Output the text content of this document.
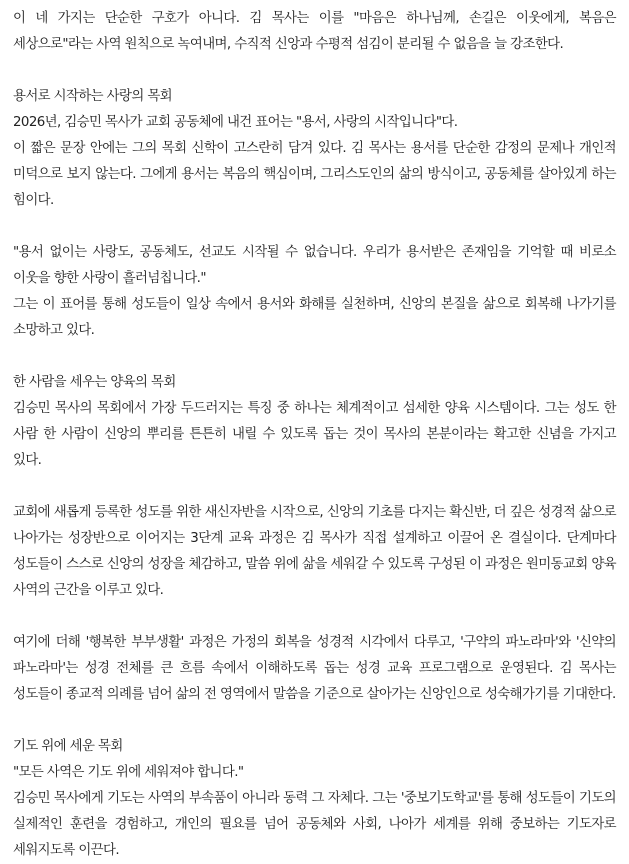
이 네 가지는 단순한 구호가 아니다. 김 목사는 이를 "마음은 하나님께, 손길은 이웃에게, 복음은 세상으로"라는 사역 원칙으로 녹여내며, 수직적 신앙과 수평적 섬김이 분리될 수 없음을 늘 강조한다.

용서로 시작하는 사랑의 목회

2026년, 김승민 목사가 교회 공동체에 내건 표어는 "용서, 사랑의 시작입니다"다.

이 짧은 문장 안에는 그의 목회 신학이 고스란히 담겨 있다. 김 목사는 용서를 단순한 감정의 문제나 개인적 미덕으로 보지 않는다. 그에게 용서는 복음의 핵심이며, 그리스도인의 삶의 방식이고, 공동체를 살아있게 하는 힘이다.

"용서 없이는 사랑도, 공동체도, 선교도 시작될 수 없습니다. 우리가 용서받은 존재임을 기억할 때 비로소 이웃을 향한 사랑이 흘러넘칩니다."

그는 이 표어를 통해 성도들이 일상 속에서 용서와 화해를 실천하며, 신앙의 본질을 삶으로 회복해 나가기를 소망하고 있다.

한 사람을 세우는 양육의 목회

김승민 목사의 목회에서 가장 두드러지는 특징 중 하나는 체계적이고 섬세한 양육 시스템이다. 그는 성도 한 사람 한 사람이 신앙의 뿌리를 튼튼히 내릴 수 있도록 돕는 것이 목사의 본분이라는 확고한 신념을 가지고 있다.

교회에 새롭게 등록한 성도를 위한 새신자반을 시작으로, 신앙의 기초를 다지는 확신반, 더 깊은 성경적 삶으로 나아가는 성장반으로 이어지는 3단계 교육 과정은 김 목사가 직접 설계하고 이끌어 온 결실이다. 단계마다 성도들이 스스로 신앙의 성장을 체감하고, 말씀 위에 삶을 세워갈 수 있도록 구성된 이 과정은 원미동교회 양육 사역의 근간을 이루고 있다.

여기에 더해 '행복한 부부생활' 과정은 가정의 회복을 성경적 시각에서 다루고, '구약의 파노라마'와 '신약의 파노라마'는 성경 전체를 큰 흐름 속에서 이해하도록 돕는 성경 교육 프로그램으로 운영된다. 김 목사는 성도들이 종교적 의례를 넘어 삶의 전 영역에서 말씀을 기준으로 살아가는 신앙인으로 성숙해가기를 기대한다.

기도 위에 세운 목회

"모든 사역은 기도 위에 세워져야 합니다."

김승민 목사에게 기도는 사역의 부속품이 아니라 동력 그 자체다. 그는 '중보기도학교'를 통해 성도들이 기도의 실제적인 훈련을 경험하고, 개인의 필요를 넘어 공동체와 사회, 나아가 세계를 위해 중보하는 기도자로 세워지도록 이끈다.
